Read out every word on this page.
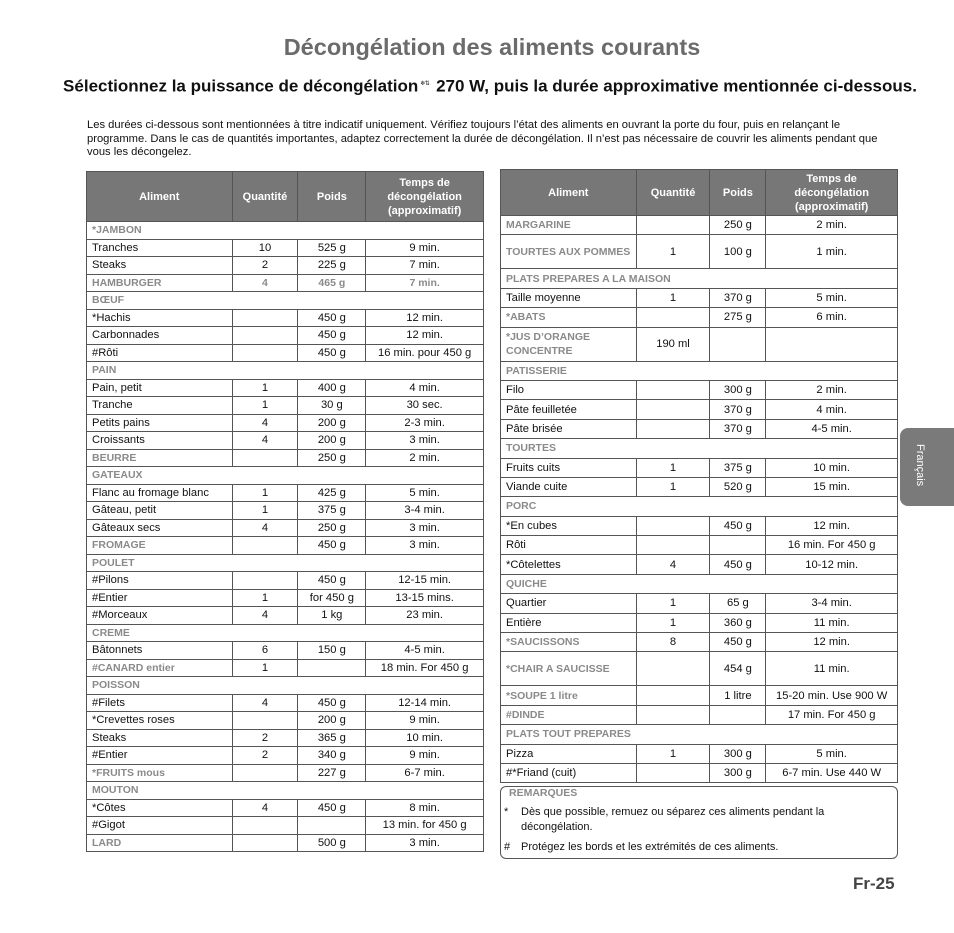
Décongélation des aliments courants
Sélectionnez la puissance de décongélation ❄︎⇅ 270 W, puis la durée approximative mentionnée ci-dessous.

Les durées ci-dessous sont mentionnées à titre indicatif uniquement. Vérifiez toujours l’état des aliments en ouvrant la porte du four, puis en relançant le programme. Dans le cas de quantités importantes, adaptez correctement la durée de décongélation. Il n’est pas nécessaire de couvrir les aliments pendant que vous les décongelez.

Aliment	Quantité	Poids	Temps de décongélation (approximatif)
*JAMBON			
Tranches	10	525 g	9 min.
Steaks	2	225 g	7 min.
HAMBURGER	4	465 g	7 min.
BŒUF			
*Hachis		450 g	12 min.
Carbonnades		450 g	12 min.
#Rôti		450 g	16 min. pour 450 g
PAIN			
Pain, petit	1	400 g	4 min.
Tranche	1	30 g	30 sec.
Petits pains	4	200 g	2-3 min.
Croissants	4	200 g	3 min.
BEURRE		250 g	2 min.
GATEAUX			
Flanc au fromage blanc	1	425 g	5 min.
Gâteau, petit	1	375 g	3-4 min.
Gâteaux secs	4	250 g	3 min.
FROMAGE		450 g	3 min.
POULET			
#Pilons		450 g	12-15 min.
#Entier	1	for 450 g	13-15 mins.
#Morceaux	4	1 kg	23 min.
CREME			
Bâtonnets	6	150 g	4-5 min.
#CANARD entier	1		18 min. For 450 g
POISSON			
#Filets	4	450 g	12-14 min.
*Crevettes roses		200 g	9 min.
Steaks	2	365 g	10 min.
#Entier	2	340 g	9 min.
*FRUITS mous		227 g	6-7 min.
MOUTON			
*Côtes	4	450 g	8 min.
#Gigot			13 min. for 450 g
LARD		500 g	3 min.
Aliment	Quantité	Poids	Temps de décongélation (approximatif)
MARGARINE		250 g	2 min.
TOURTES AUX POMMES	1	100 g	1 min.
PLATS PREPARES A LA MAISON			
Taille moyenne	1	370 g	5 min.
*ABATS		275 g	6 min.
*JUS D’ORANGE CONCENTRE	190 ml		
PATISSERIE			
Filo		300 g	2 min.
Pâte feuilletée		370 g	4 min.
Pâte brisée		370 g	4-5 min.
TOURTES			
Fruits cuits	1	375 g	10 min.
Viande cuite	1	520 g	15 min.
PORC			
*En cubes		450 g	12 min.
Rôti			16 min. For 450 g
*Côtelettes	4	450 g	10-12 min.
QUICHE			
Quartier	1	65 g	3-4 min.
Entière	1	360 g	11 min.
*SAUCISSONS	8	450 g	12 min.
*CHAIR A SAUCISSE		454 g	11 min.
*SOUPE 1 litre		1 litre	15-20 min. Use 900 W
#DINDE			17 min. For 450 g
PLATS TOUT PREPARES			
Pizza	1	300 g	5 min.
#*Friand (cuit)		300 g	6-7 min. Use 440 W
REMARQUES
*	Dès que possible, remuez ou séparez ces aliments pendant la décongélation.
# Protégez les bords et les extrémités de ces aliments.
Français
Fr-25
